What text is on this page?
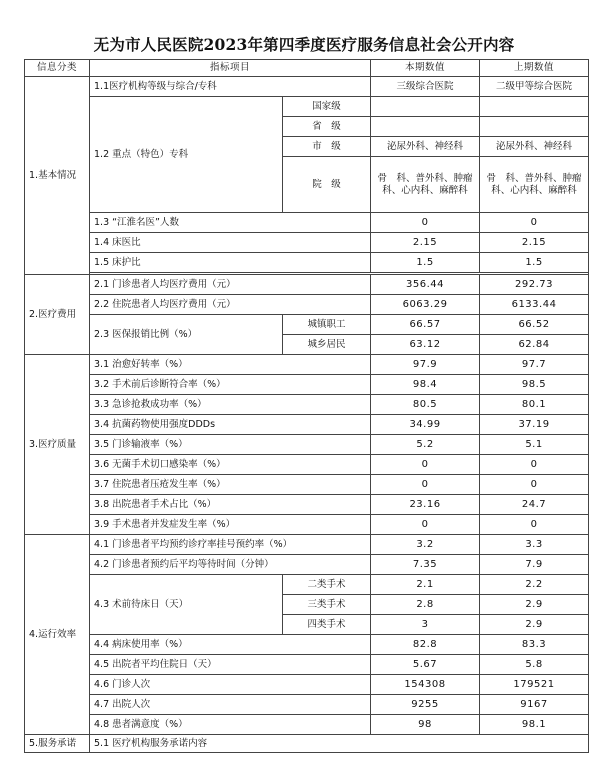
无为市人民医院2023年第四季度医疗服务信息社会公开内容
信息分类	指标项目		本期数值	上期数值
1.基本情况	1.1医疗机构等级与综合/专科		三级综合医院	二级甲等综合医院
	1.2 重点（特色）专科	国家级		
		省　级		
		市　级	泌尿外科、神经科	泌尿外科、神经科
		院　级	骨　科、普外科、肿瘤科、心内科、麻醉科	骨　科、普外科、肿瘤科、心内科、麻醉科
	1.3 “江淮名医”人数		0	0
	1.4 床医比		2.15	2.15
	1.5 床护比		1.5	1.5

2.医疗费用	2.1 门诊患者人均医疗费用（元）		356.44	292.73
	2.2 住院患者人均医疗费用（元）		6063.29	6133.44
	2.3 医保报销比例（%）	城镇职工	66.57	66.52
		城乡居民	63.12	62.84
3.医疗质量	3.1 治愈好转率（%）		97.9	97.7
	3.2 手术前后诊断符合率（%）		98.4	98.5
	3.3 急诊抢救成功率（%）		80.5	80.1
	3.4 抗菌药物使用强度DDDs		34.99	37.19
	3.5 门诊输液率（%）		5.2	5.1
	3.6 无菌手术切口感染率（%）		0	0
	3.7 住院患者压疮发生率（%）		0	0
	3.8 出院患者手术占比（%）		23.16	24.7
	3.9 手术患者并发症发生率（%）		0	0
4.运行效率	4.1 门诊患者平均预约诊疗率挂号预约率（%）		3.2	3.3
	4.2 门诊患者预约后平均等待时间（分钟）		7.35	7.9
	4.3 术前待床日（天）	二类手术	2.1	2.2
		三类手术	2.8	2.9
		四类手术	3	2.9
	4.4 病床使用率（%）		82.8	83.3
	4.5 出院者平均住院日（天）		5.67	5.8
	4.6 门诊人次		154308	179521
	4.7 出院人次		9255	9167
	4.8 患者满意度（%）		98	98.1
5.服务承诺	5.1 医疗机构服务承诺内容			
